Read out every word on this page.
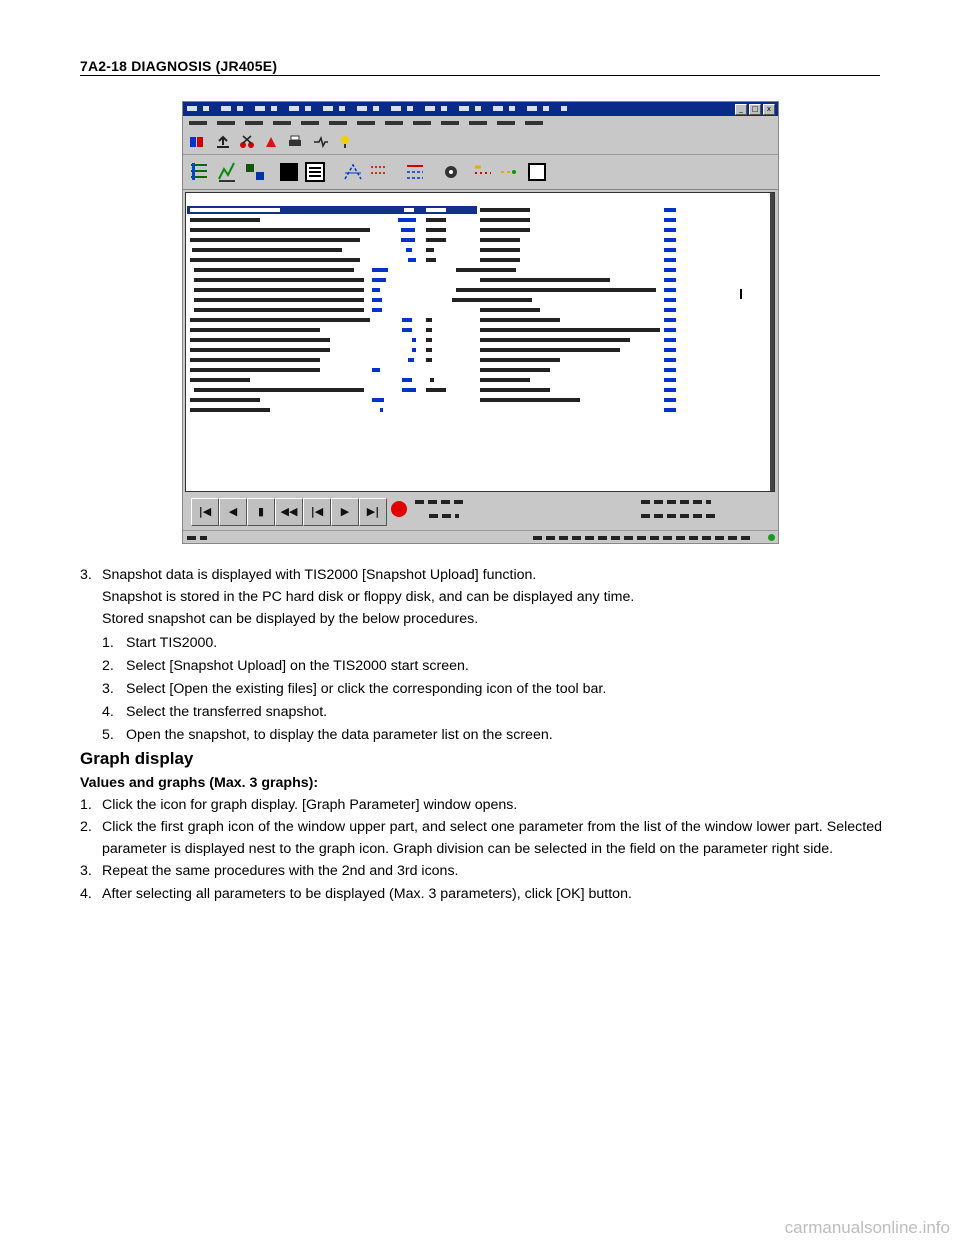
7A2-18 DIAGNOSIS (JR405E)
_	□	x
|◀	◀	▮	◀◀	|◀	▶	▶|
3. Snapshot data is displayed with TIS2000 [Snapshot Upload] function.
Snapshot is stored in the PC hard disk or floppy disk, and can be displayed any time.
Stored snapshot can be displayed by the below procedures.
1. Start TIS2000.
2. Select [Snapshot Upload] on the TIS2000 start screen.
3. Select [Open the existing files] or click the corresponding icon of the tool bar.
4. Select the transferred snapshot.
5. Open the snapshot, to display the data parameter list on the screen.
Graph display
Values and graphs (Max. 3 graphs):
1. Click the icon for graph display. [Graph Parameter] window opens.
2. Click the first graph icon of the window upper part, and select one parameter from the list of the window lower part. Selected parameter is displayed nest to the graph icon. Graph division can be selected in the field on the parameter right side.
3. Repeat the same procedures with the 2nd and 3rd icons.
4. After selecting all parameters to be displayed (Max. 3 parameters), click [OK] button.
carmanualsonline.info
